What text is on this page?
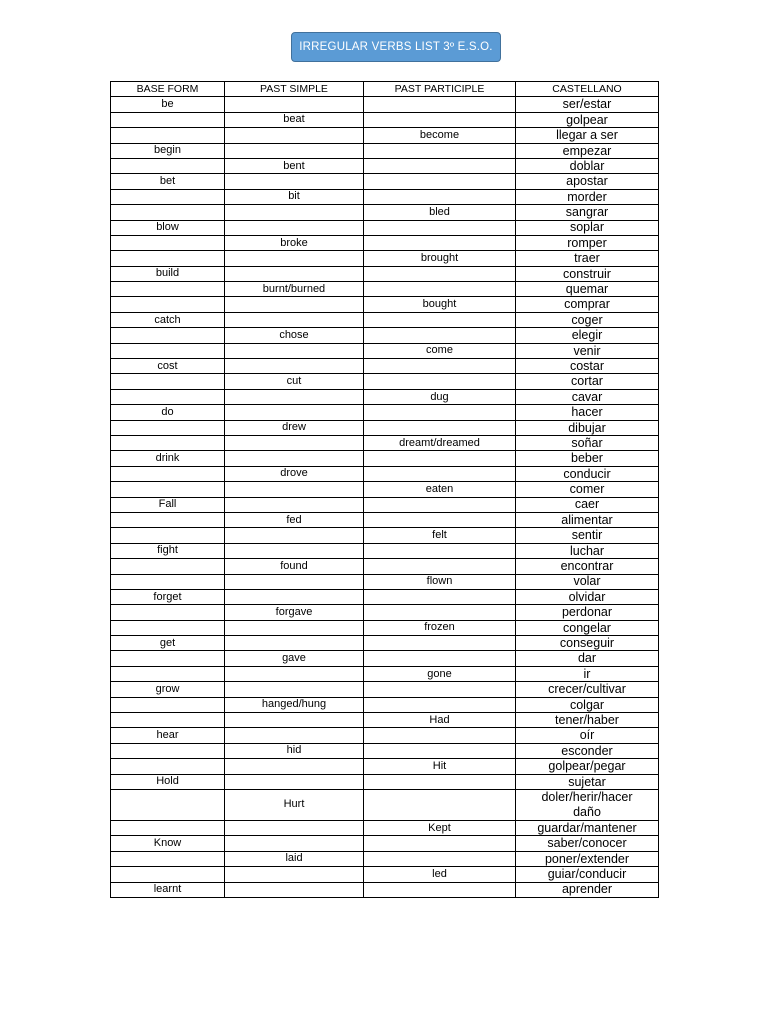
IRREGULAR VERBS LIST 3º E.S.O.
BASE FORM	PAST SIMPLE	PAST PARTICIPLE	CASTELLANO
be			ser/estar
	beat		golpear
		become	llegar a ser
begin			empezar
	bent		doblar
bet			apostar
	bit		morder
		bled	sangrar
blow			soplar
	broke		romper
		brought	traer
build			construir
	burnt/burned		quemar
		bought	comprar
catch			coger
	chose		elegir
		come	venir
cost			costar
	cut		cortar
		dug	cavar
do			hacer
	drew		dibujar
		dreamt/dreamed	soñar
drink			beber
	drove		conducir
		eaten	comer
Fall			caer
	fed		alimentar
		felt	sentir
fight			luchar
	found		encontrar
		flown	volar
forget			olvidar
	forgave		perdonar
		frozen	congelar
get			conseguir
	gave		dar
		gone	ir
grow			crecer/cultivar
	hanged/hung		colgar
		Had	tener/haber
hear			oír
	hid		esconder
		Hit	golpear/pegar
Hold			sujetar
	Hurt		doler/herir/hacer daño
		Kept	guardar/mantener
Know			saber/conocer
	laid		poner/extender
		led	guiar/conducir
learnt			aprender
